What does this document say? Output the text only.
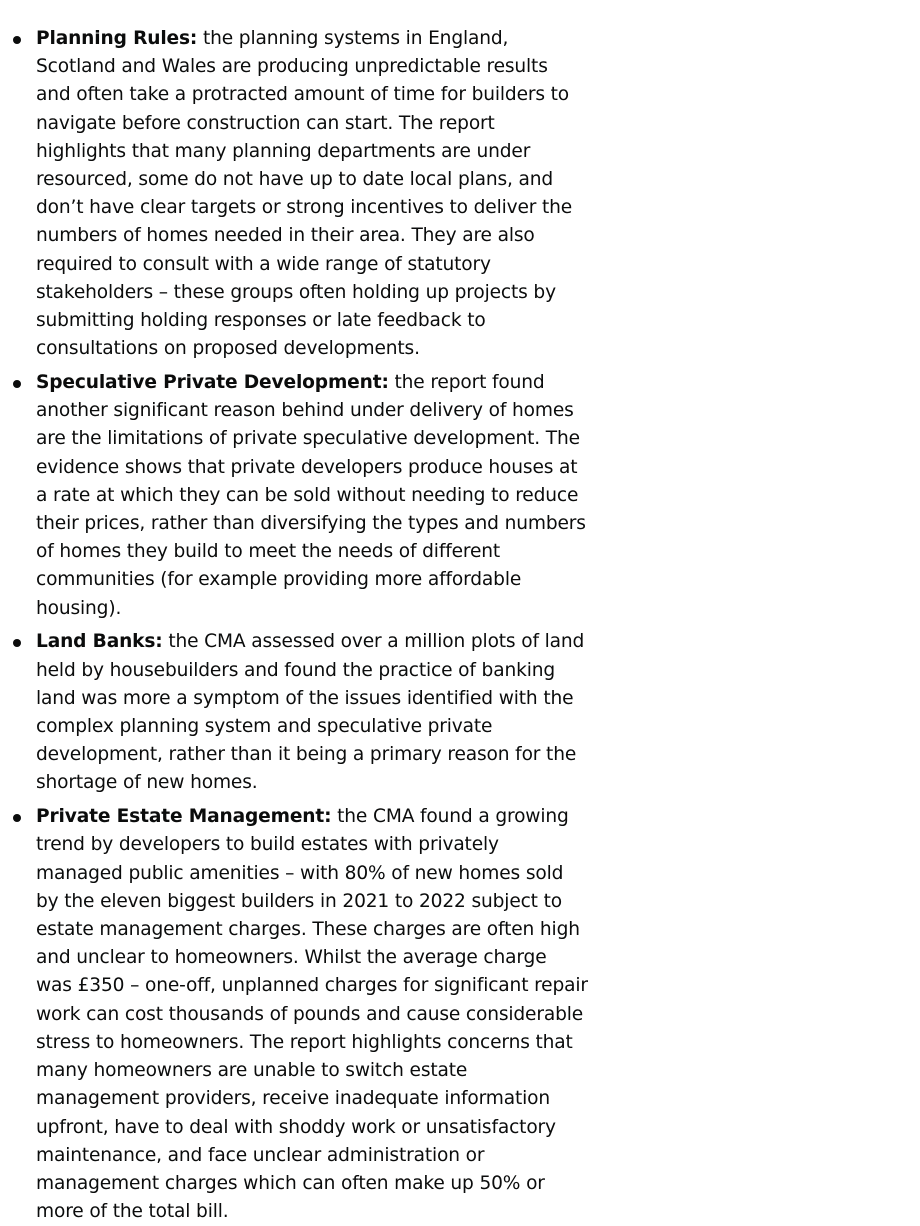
Planning Rules: the planning systems in England, Scotland and Wales are producing unpredictable results and often take a protracted amount of time for builders to navigate before construction can start. The report highlights that many planning departments are under resourced, some do not have up to date local plans, and don’t have clear targets or strong incentives to deliver the numbers of homes needed in their area. They are also required to consult with a wide range of statutory stakeholders – these groups often holding up projects by submitting holding responses or late feedback to consultations on proposed developments.
Speculative Private Development: the report found another significant reason behind under delivery of homes are the limitations of private speculative development. The evidence shows that private developers produce houses at a rate at which they can be sold without needing to reduce their prices, rather than diversifying the types and numbers of homes they build to meet the needs of different communities (for example providing more affordable housing).
Land Banks: the CMA assessed over a million plots of land held by housebuilders and found the practice of banking land was more a symptom of the issues identified with the complex planning system and speculative private development, rather than it being a primary reason for the shortage of new homes.
Private Estate Management: the CMA found a growing trend by developers to build estates with privately managed public amenities – with 80% of new homes sold by the eleven biggest builders in 2021 to 2022 subject to estate management charges. These charges are often high and unclear to homeowners. Whilst the average charge was £350 – one-off, unplanned charges for significant repair work can cost thousands of pounds and cause considerable stress to homeowners. The report highlights concerns that many homeowners are unable to switch estate management providers, receive inadequate information upfront, have to deal with shoddy work or unsatisfactory maintenance, and face unclear administration or management charges which can often make up 50% or more of the total bill.
